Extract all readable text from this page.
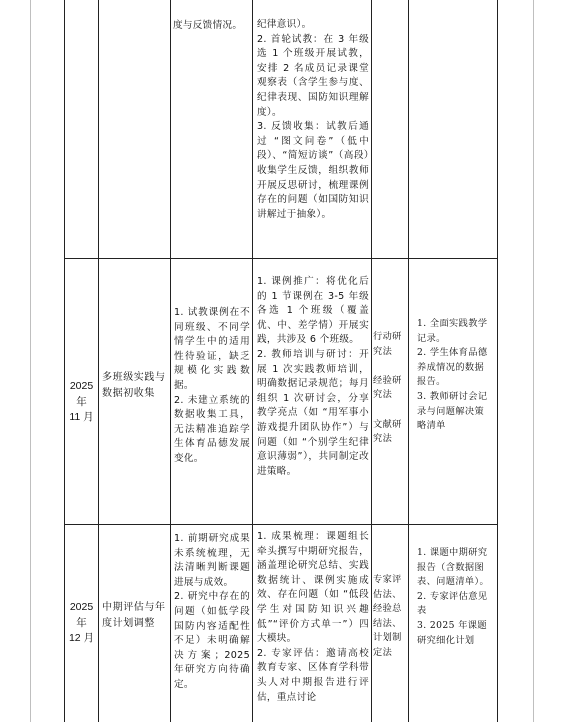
度与反馈情况。	纪律意识）。
2. 首轮试教：在 3 年级选 1 个班级开展试教，安排 2 名成员记录课堂观察表（含学生参与度、纪律表现、国防知识理解度）。
3. 反馈收集：试教后通过 “图文问卷”（低中段）、“简短访谈”（高段）收集学生反馈，组织教师开展反思研讨，梳理课例存在的问题（如国防知识讲解过于抽象）。
2025
年
11 月
多班级实践与数据初收集
1. 试教课例在不同班级、不同学情学生中的适用性待验证，缺乏规模化实践数据。
2. 未建立系统的数据收集工具，无法精准追踪学生体育品德发展变化。
1. 课例推广：将优化后的 1 节课例在 3-5 年级各选 1 个班级（覆盖优、中、差学情）开展实践，共涉及 6 个班级。
2. 教师培训与研讨：开展 1 次实践教师培训，明确数据记录规范；每月组织 1 次研讨会，分享教学亮点（如 “用军事小游戏提升团队协作”）与问题（如 “个别学生纪律意识薄弱”），共同制定改进策略。
行动研究法

经验研究法

文献研究法
1. 全面实践教学记录。
2. 学生体育品德养成情况的数据报告。
3. 教师研讨会记录与问题解决策略清单
2025
年
12 月
中期评估与年度计划调整
1. 前期研究成果未系统梳理，无法清晰判断课题进展与成效。
2. 研究中存在的问题（如低学段国防内容适配性不足）未明确解决方案；2025 年研究方向待确定。
1. 成果梳理：课题组长牵头撰写中期研究报告，涵盖理论研究总结、实践数据统计、课例实施成效、存在问题（如 “低段学生对国防知识兴趣低”“评价方式单一”）四大模块。
2. 专家评估：邀请高校教育专家、区体育学科带头人对中期报告进行评估，重点讨论
专家评估法、经验总结法、计划制定法
1. 课题中期研究报告（含数据图表、问题清单）。
2. 专家评估意见表
3. 2025 年课题研究细化计划
